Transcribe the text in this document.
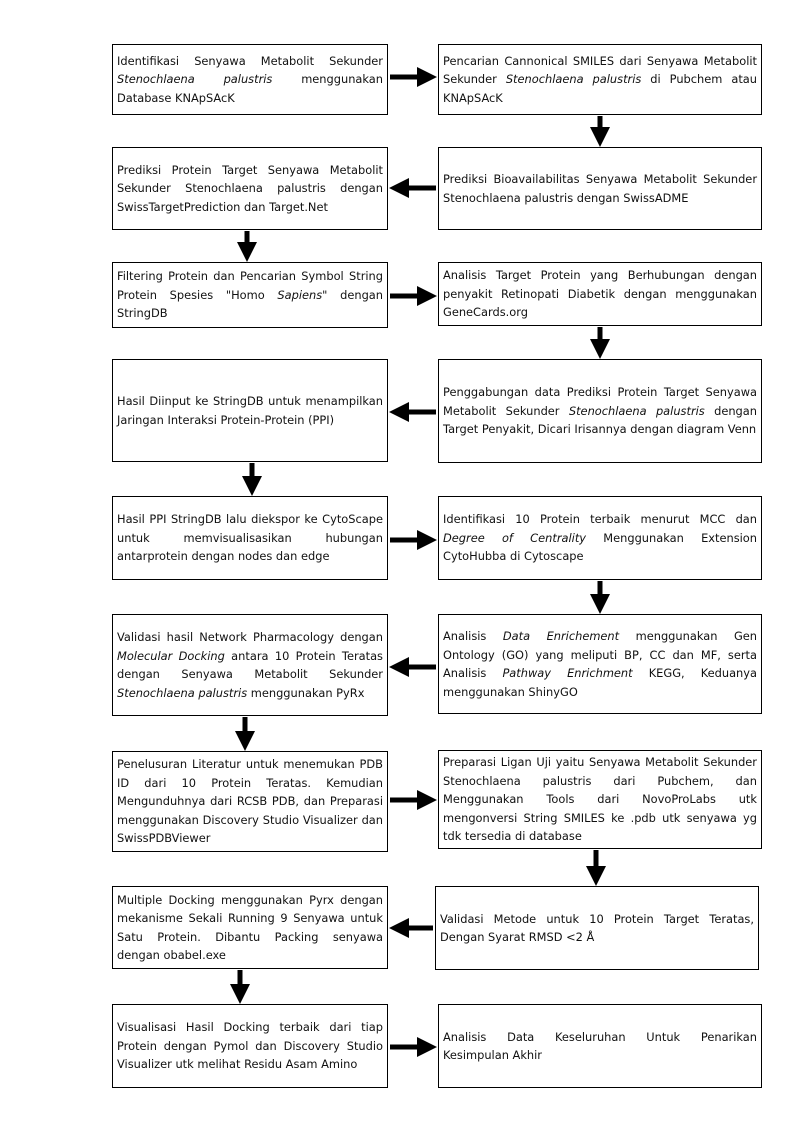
Identifikasi Senyawa Metabolit Sekunder Stenochlaena palustris menggunakan Database KNApSAcK
Prediksi Protein Target Senyawa Metabolit Sekunder Stenochlaena palustris dengan SwissTargetPrediction dan Target.Net
Filtering Protein dan Pencarian Symbol String Protein Spesies "Homo Sapiens" dengan StringDB
Hasil Diinput ke StringDB untuk menampilkan Jaringan Interaksi Protein-Protein (PPI)
Hasil PPI StringDB lalu diekspor ke CytoScape untuk memvisualisasikan hubungan antarprotein dengan nodes dan edge
Validasi hasil Network Pharmacology dengan Molecular Docking antara 10 Protein Teratas dengan Senyawa Metabolit Sekunder Stenochlaena palustris menggunakan PyRx
Penelusuran Literatur untuk menemukan PDB ID dari 10 Protein Teratas. Kemudian Mengunduhnya dari RCSB PDB, dan Preparasi menggunakan Discovery Studio Visualizer dan SwissPDBViewer
Multiple Docking menggunakan Pyrx dengan mekanisme Sekali Running 9 Senyawa untuk Satu Protein. Dibantu Packing senyawa dengan obabel.exe
Visualisasi Hasil Docking terbaik dari tiap Protein dengan Pymol dan Discovery Studio Visualizer utk melihat Residu Asam Amino
Pencarian Cannonical SMILES dari Senyawa Metabolit Sekunder Stenochlaena palustris di Pubchem atau KNApSAcK
Prediksi Bioavailabilitas Senyawa Metabolit Sekunder Stenochlaena palustris dengan SwissADME
Analisis Target Protein yang Berhubungan dengan penyakit Retinopati Diabetik dengan menggunakan GeneCards.org
Penggabungan data Prediksi Protein Target Senyawa Metabolit Sekunder Stenochlaena palustris dengan Target Penyakit, Dicari Irisannya dengan diagram Venn
Identifikasi 10 Protein terbaik menurut MCC dan Degree of Centrality Menggunakan Extension CytoHubba di Cytoscape
Analisis Data Enrichement menggunakan Gen Ontology (GO) yang meliputi BP, CC dan MF, serta Analisis Pathway Enrichment KEGG, Keduanya menggunakan ShinyGO
Preparasi Ligan Uji yaitu Senyawa Metabolit Sekunder Stenochlaena palustris dari Pubchem, dan Menggunakan Tools dari NovoProLabs utk mengonversi String SMILES ke .pdb utk senyawa yg tdk tersedia di database
Validasi Metode untuk 10 Protein Target Teratas, Dengan Syarat RMSD <2 Å
Analisis Data Keseluruhan Untuk Penarikan Kesimpulan Akhir
